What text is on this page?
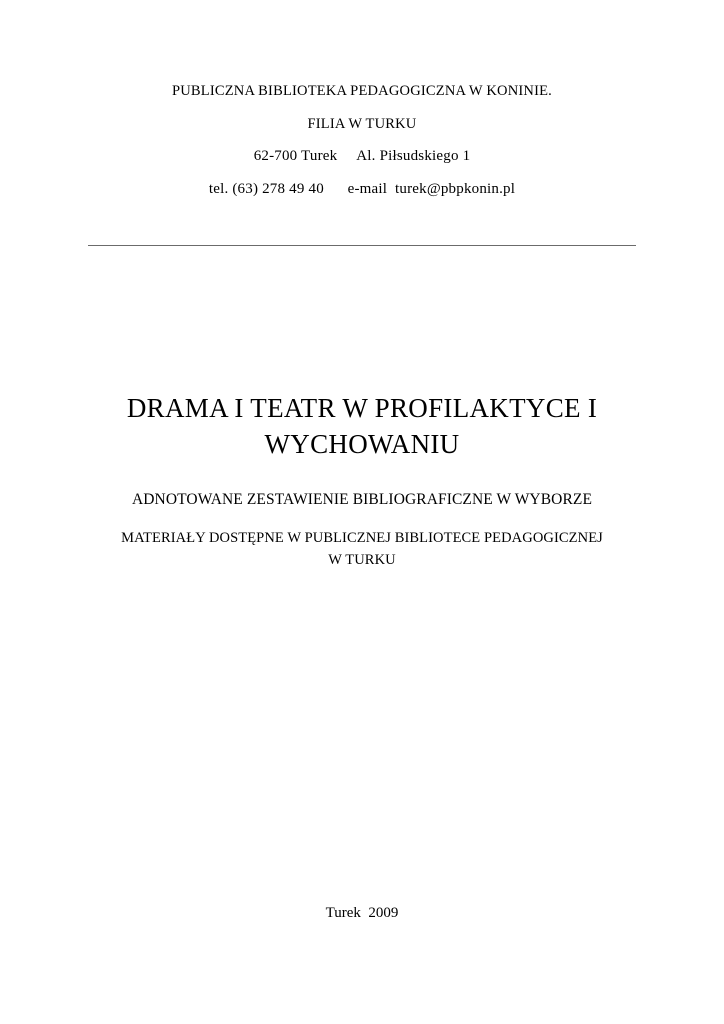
PUBLICZNA BIBLIOTEKA PEDAGOGICZNA W KONINIE.
FILIA W TURKU
62-700 Turek     Al. Piłsudskiego 1
tel. (63) 278 49 40      e-mail  turek@pbpkonin.pl
DRAMA I TEATR W PROFILAKTYCE I WYCHOWANIU
ADNOTOWANE ZESTAWIENIE BIBLIOGRAFICZNE W WYBORZE
MATERIAŁY DOSTĘPNE W PUBLICZNEJ BIBLIOTECE PEDAGOGICZNEJ W TURKU
Turek  2009
